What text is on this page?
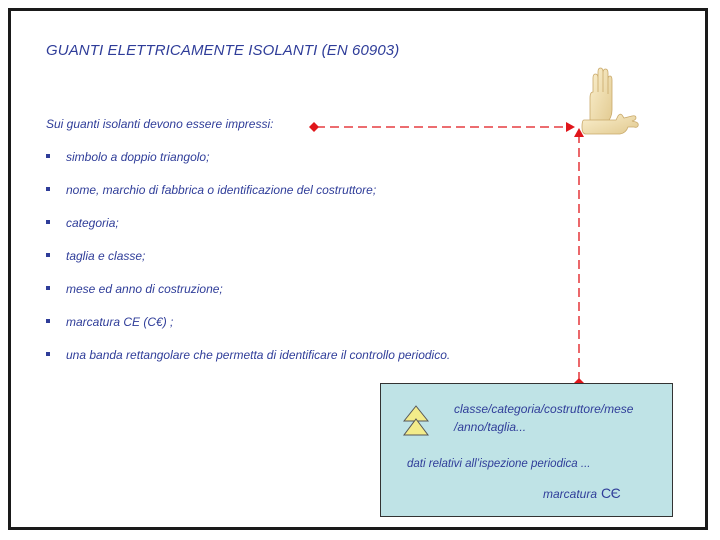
GUANTI ELETTRICAMENTE ISOLANTI (EN 60903)
Sui guanti isolanti devono essere impressi:
simbolo a doppio triangolo;
nome, marchio di fabbrica o identificazione del costruttore;
categoria;
taglia e classe;
mese ed anno di costruzione;
marcatura CE (C€) ;
una banda rettangolare che permetta di identificare il controllo periodico.
classe/categoria/costruttore/mese
/anno/taglia...
dati relativi all’ispezione periodica ...
marcatura CЄ
